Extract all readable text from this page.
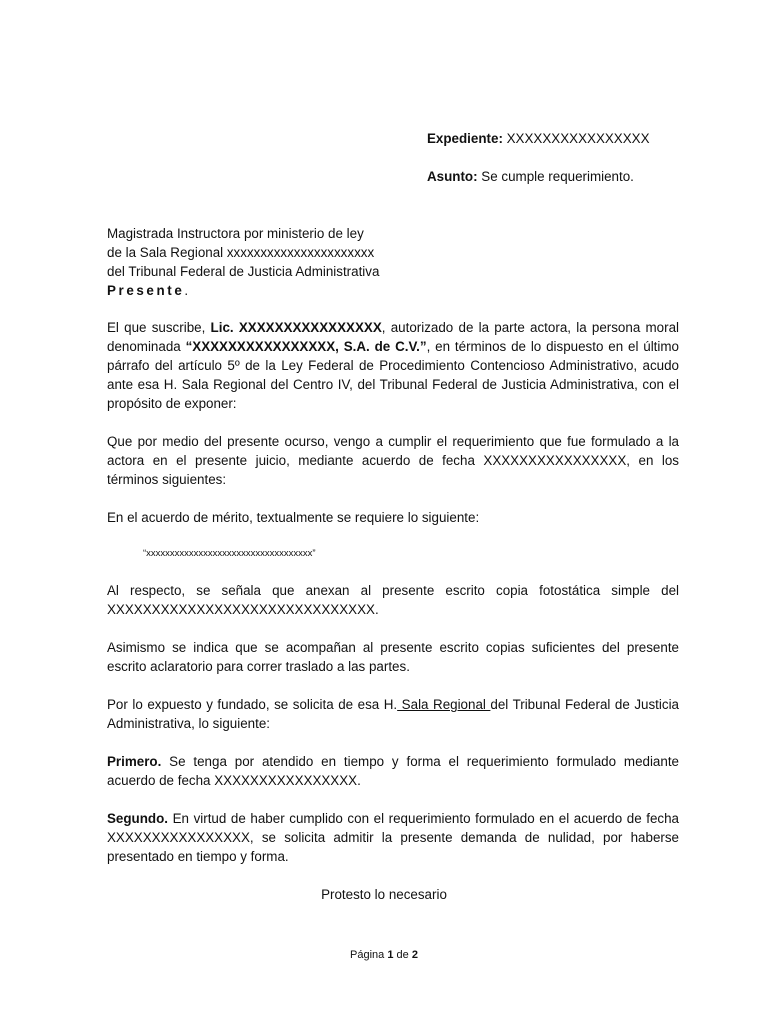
Expediente: XXXXXXXXXXXXXXXX
Asunto: Se cumple requerimiento.
Magistrada Instructora por ministerio de ley
de la Sala Regional xxxxxxxxxxxxxxxxxxxxxx
del Tribunal Federal de Justicia Administrativa
Presente.
El que suscribe, Lic. XXXXXXXXXXXXXXXX, autorizado de la parte actora, la persona moral denominada “XXXXXXXXXXXXXXXX, S.A. de C.V.”, en términos de lo dispuesto en el último párrafo del artículo 5º de la Ley Federal de Procedimiento Contencioso Administrativo, acudo ante esa H. Sala Regional del Centro IV, del Tribunal Federal de Justicia Administrativa, con el propósito de exponer:
Que por medio del presente ocurso, vengo a cumplir el requerimiento que fue formulado a la actora en el presente juicio, mediante acuerdo de fecha XXXXXXXXXXXXXXXX, en los términos siguientes:
En el acuerdo de mérito, textualmente se requiere lo siguiente:
“xxxxxxxxxxxxxxxxxxxxxxxxxxxxxxxxxxx”
Al respecto, se señala que anexan al presente escrito copia fotostática simple del XXXXXXXXXXXXXXXXXXXXXXXXXXXXXX.
Asimismo se indica que se acompañan al presente escrito copias suficientes del presente escrito aclaratorio para correr traslado a las partes.
Por lo expuesto y fundado, se solicita de esa H. Sala Regional del Tribunal Federal de Justicia Administrativa, lo siguiente:
Primero. Se tenga por atendido en tiempo y forma el requerimiento formulado mediante acuerdo de fecha XXXXXXXXXXXXXXXX.
Segundo. En virtud de haber cumplido con el requerimiento formulado en el acuerdo de fecha XXXXXXXXXXXXXXXX, se solicita admitir la presente demanda de nulidad, por haberse presentado en tiempo y forma.
Protesto lo necesario
Página 1 de 2
